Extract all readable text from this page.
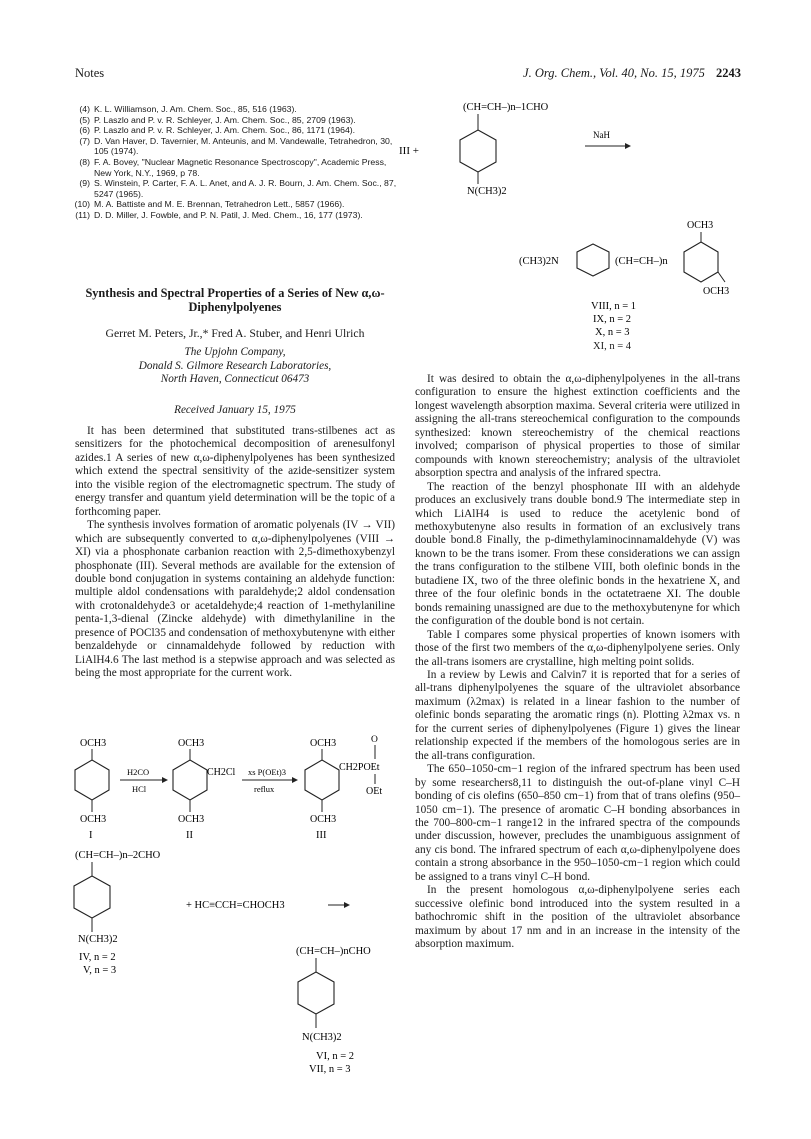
Notes	J. Org. Chem., Vol. 40, No. 15, 1975 2243
(4) K. L. Williamson, J. Am. Chem. Soc., 85, 516 (1963).
(5) P. Laszlo and P. v. R. Schleyer, J. Am. Chem. Soc., 85, 2709 (1963).
(6) P. Laszlo and P. v. R. Schleyer, J. Am. Chem. Soc., 86, 1171 (1964).
(7) D. Van Haver, D. Tavernier, M. Anteunis, and M. Vandewalle, Tetrahedron, 30, 105 (1974).
(8) F. A. Bovey, "Nuclear Magnetic Resonance Spectroscopy", Academic Press, New York, N.Y., 1969, p 78.
(9) S. Winstein, P. Carter, F. A. L. Anet, and A. J. R. Bourn, J. Am. Chem. Soc., 87, 5247 (1965).
(10) M. A. Battiste and M. E. Brennan, Tetrahedron Lett., 5857 (1966).
(11) D. D. Miller, J. Fowble, and P. N. Patil, J. Med. Chem., 16, 177 (1973).
Synthesis and Spectral Properties of a Series of New α,ω-Diphenylpolyenes
Gerret M. Peters, Jr.,* Fred A. Stuber, and Henri Ulrich
The Upjohn Company,
Donald S. Gilmore Research Laboratories,
North Haven, Connecticut 06473
Received January 15, 1975

It has been determined that substituted trans-stilbenes act as sensitizers for the photochemical decomposition of arenesulfonyl azides.1 A series of new α,ω-diphenylpolyenes has been synthesized which extend the spectral sensitivity of the azide-sensitizer system into the visible region of the electromagnetic spectrum. The study of energy transfer and quantum yield determination will be the topic of a forthcoming paper.

The synthesis involves formation of aromatic polyenals (IV → VII) which are subsequently converted to α,ω-diphenylpolyenes (VIII → XI) via a phosphonate carbanion reaction with 2,5-dimethoxybenzyl phosphonate (III). Several methods are available for the extension of double bond conjugation in systems containing an aldehyde function: multiple aldol condensations with paraldehyde;2 aldol condensation with crotonaldehyde3 or acetaldehyde;4 reaction of 1-methylaniline penta-1,3-dienal (Zincke aldehyde) with dimethylaniline in the presence of POCl35 and condensation of methoxybutenyne with either benzaldehyde or cinnamaldehyde followed by reduction with LiAlH4.6 The last method is a stepwise approach and was selected as being the most appropriate for the current work.

It was desired to obtain the α,ω-diphenylpolyenes in the all-trans configuration to ensure the highest extinction coefficients and the longest wavelength absorption maxima. Several criteria were utilized in assigning the all-trans stereochemical configuration to the compounds synthesized: known stereochemistry of the chemical reactions involved; comparison of physical properties to those of similar compounds with known stereochemistry; analysis of the ultraviolet absorption spectra and analysis of the infrared spectra.

The reaction of the benzyl phosphonate III with an aldehyde produces an exclusively trans double bond.9 The intermediate step in which LiAlH4 is used to reduce the acetylenic bond of methoxybutenyne also results in formation of an exclusively trans double bond.8 Finally, the p-dimethylaminocinnamaldehyde (V) was known to be the trans isomer. From these considerations we can assign the trans configuration to the stilbene VIII, both olefinic bonds in the butadiene IX, two of the three olefinic bonds in the hexatriene X, and three of the four olefinic bonds in the octatetraene XI. The double bonds remaining unassigned are due to the methoxybutenyne for which the configuration of the double bond is not certain.

Table I compares some physical properties of known isomers with those of the first two members of the α,ω-diphenylpolyene series. Only the all-trans isomers are crystalline, high melting point solids.

In a review by Lewis and Calvin7 it is reported that for a series of all-trans diphenylpolyenes the square of the ultraviolet absorbance maximum (λ2max) is related in a linear fashion to the number of olefinic bonds separating the aromatic rings (n). Plotting λ2max vs. n for the current series of diphenylpolyenes (Figure 1) gives the linear relationship expected if the members of the homologous series are in the all-trans configuration.

The 650–1050-cm−1 region of the infrared spectrum has been used by some researchers8,11 to distinguish the out-of-plane vinyl C–H bonding of cis olefins (650–850 cm−1) from that of trans olefins (950–1050 cm−1). The presence of aromatic C–H bonding absorbances in the 700–800-cm−1 range12 in the infrared spectra of the compounds under discussion, however, precludes the unambiguous assignment of any cis bond. The infrared spectrum of each α,ω-diphenylpolyene does contain a strong absorbance in the 950–1050-cm−1 region which could be assigned to a trans vinyl C–H bond.

In the present homologous α,ω-diphenylpolyene series each successive olefinic bond introduced into the system resulted in a bathochromic shift in the position of the ultraviolet absorbance maximum by about 17 nm and in an increase in the intensity of the absorption maximum.

(CH=CH–)n–1CHO
N(CH3)2
III +
NaH
(CH3)2N	(CH=CH–)n
OCH3
OCH3
VIII, n = 1
IX, n = 2
X, n = 3
XI, n = 4
OCH3
OCH3
I
H2CO
HCl
OCH3
CH2Cl
OCH3
II
xs P(OEt)3
reflux
OCH3	O
CH2POEt
OEt
OCH3
III
(CH=CH–)n–2CHO
N(CH3)2
IV, n = 2
V, n = 3
+ HC≡CCH=CHOCH3
(CH=CH–)nCHO
N(CH3)2
VI, n = 2
VII, n = 3
